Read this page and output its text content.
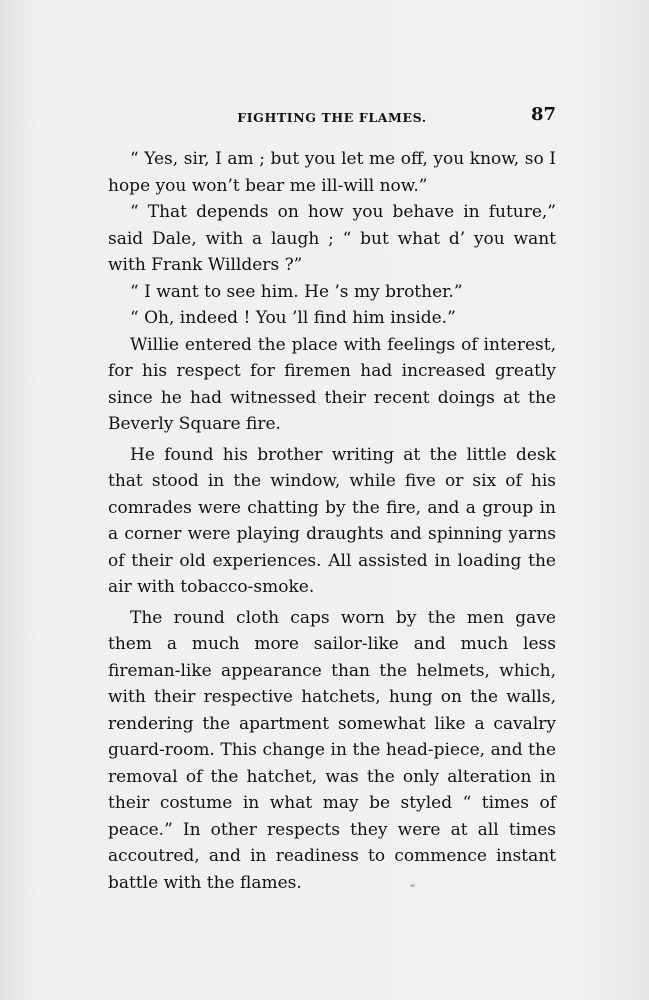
FIGHTING THE FLAMES.	87

“ Yes, sir, I am ; but you let me off, you know, so I hope you won’t bear me ill-will now.”

“ That depends on how you behave in future,” said Dale, with a laugh ; “ but what d’ you want with Frank Willders ?”

“ I want to see him. He ’s my brother.”

“ Oh, indeed ! You ’ll find him inside.”

Willie entered the place with feelings of interest, for his respect for firemen had increased greatly since he had witnessed their recent doings at the Beverly Square fire.

He found his brother writing at the little desk that stood in the window, while five or six of his comrades were chatting by the fire, and a group in a corner were playing draughts and spinning yarns of their old experiences. All assisted in loading the air with tobacco-smoke.

The round cloth caps worn by the men gave them a much more sailor-like and much less fireman-like appearance than the helmets, which, with their respective hatchets, hung on the walls, rendering the apartment somewhat like a cavalry guard-room. This change in the head-piece, and the removal of the hatchet, was the only alteration in their costume in what may be styled “ times of peace.” In other respects they were at all times accoutred, and in readiness to commence instant battle with the flames.
